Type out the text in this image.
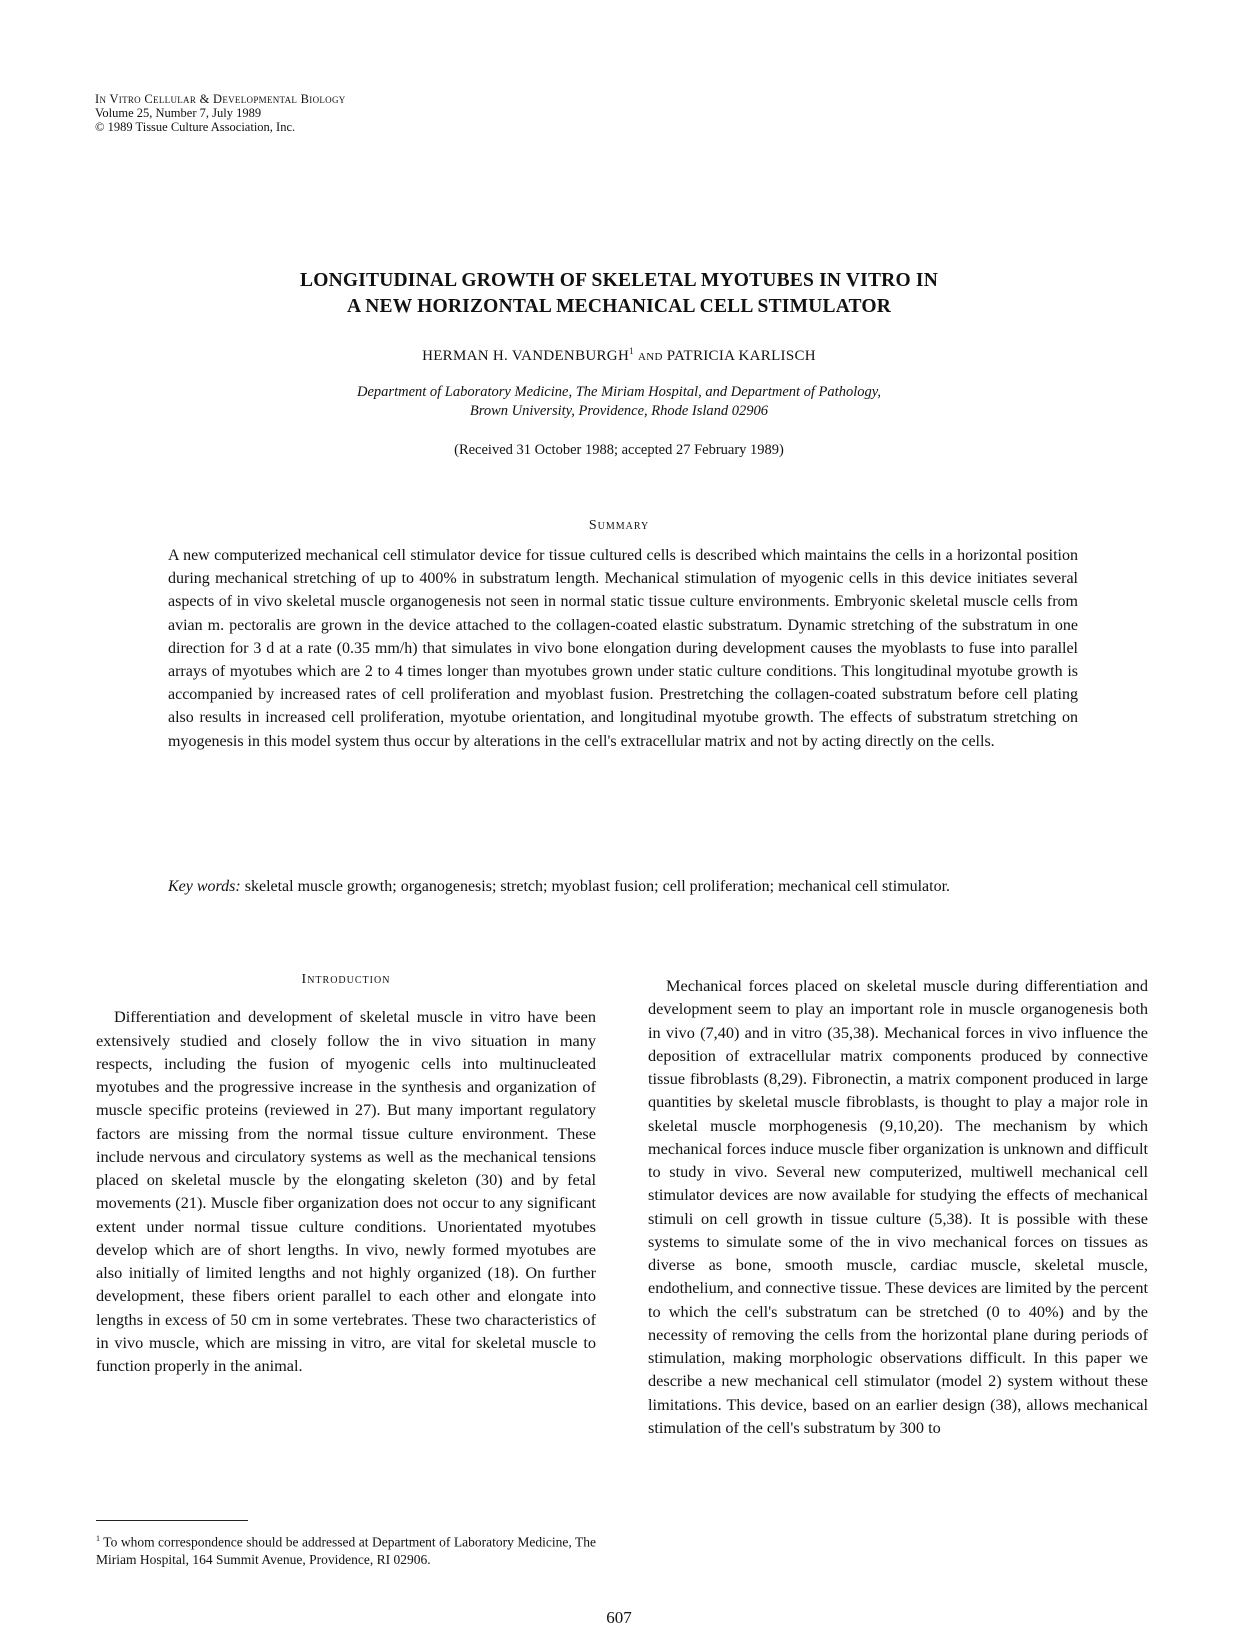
In Vitro Cellular & Developmental Biology
Volume 25, Number 7, July 1989
© 1989 Tissue Culture Association, Inc.
LONGITUDINAL GROWTH OF SKELETAL MYOTUBES IN VITRO IN
A NEW HORIZONTAL MECHANICAL CELL STIMULATOR
HERMAN H. VANDENBURGH$^1$ AND PATRICIA KARLISCH
Department of Laboratory Medicine, The Miriam Hospital, and Department of Pathology,
Brown University, Providence, Rhode Island 02906
(Received 31 October 1988; accepted 27 February 1989)
Summary

A new computerized mechanical cell stimulator device for tissue cultured cells is described which maintains the cells in a horizontal position during mechanical stretching of up to 400% in substratum length. Mechanical stimulation of myogenic cells in this device initiates several aspects of in vivo skeletal muscle organogenesis not seen in normal static tissue culture environments. Embryonic skeletal muscle cells from avian m. pectoralis are grown in the device attached to the collagen-coated elastic substratum. Dynamic stretching of the substratum in one direction for 3 d at a rate (0.35 mm/h) that simulates in vivo bone elongation during development causes the myoblasts to fuse into parallel arrays of myotubes which are 2 to 4 times longer than myotubes grown under static culture conditions. This longitudinal myotube growth is accompanied by increased rates of cell proliferation and myoblast fusion. Prestretching the collagen-coated substratum before cell plating also results in increased cell proliferation, myotube orientation, and longitudinal myotube growth. The effects of substratum stretching on myogenesis in this model system thus occur by alterations in the cell's extracellular matrix and not by acting directly on the cells.

Key words: skeletal muscle growth; organogenesis; stretch; myoblast fusion; cell proliferation; mechanical cell stimulator.

Introduction

Differentiation and development of skeletal muscle in vitro have been extensively studied and closely follow the in vivo situation in many respects, including the fusion of myogenic cells into multinucleated myotubes and the progressive increase in the synthesis and organization of muscle specific proteins (reviewed in 27). But many important regulatory factors are missing from the normal tissue culture environment. These include nervous and circulatory systems as well as the mechanical tensions placed on skeletal muscle by the elongating skeleton (30) and by fetal movements (21). Muscle fiber organization does not occur to any significant extent under normal tissue culture conditions. Unorientated myotubes develop which are of short lengths. In vivo, newly formed myotubes are also initially of limited lengths and not highly organized (18). On further development, these fibers orient parallel to each other and elongate into lengths in excess of 50 cm in some vertebrates. These two characteristics of in vivo muscle, which are missing in vitro, are vital for skeletal muscle to function properly in the animal.

Mechanical forces placed on skeletal muscle during differentiation and development seem to play an important role in muscle organogenesis both in vivo (7,40) and in vitro (35,38). Mechanical forces in vivo influence the deposition of extracellular matrix components produced by connective tissue fibroblasts (8,29). Fibronectin, a matrix component produced in large quantities by skeletal muscle fibroblasts, is thought to play a major role in skeletal muscle morphogenesis (9,10,20). The mechanism by which mechanical forces induce muscle fiber organization is unknown and difficult to study in vivo. Several new computerized, multiwell mechanical cell stimulator devices are now available for studying the effects of mechanical stimuli on cell growth in tissue culture (5,38). It is possible with these systems to simulate some of the in vivo mechanical forces on tissues as diverse as bone, smooth muscle, cardiac muscle, skeletal muscle, endothelium, and connective tissue. These devices are limited by the percent to which the cell's substratum can be stretched (0 to 40%) and by the necessity of removing the cells from the horizontal plane during periods of stimulation, making morphologic observations difficult. In this paper we describe a new mechanical cell stimulator (model 2) system without these limitations. This device, based on an earlier design (38), allows mechanical stimulation of the cell's substratum by 300 to

$^1$ To whom correspondence should be addressed at Department of Laboratory Medicine, The Miriam Hospital, 164 Summit Avenue, Providence, RI 02906.
607
